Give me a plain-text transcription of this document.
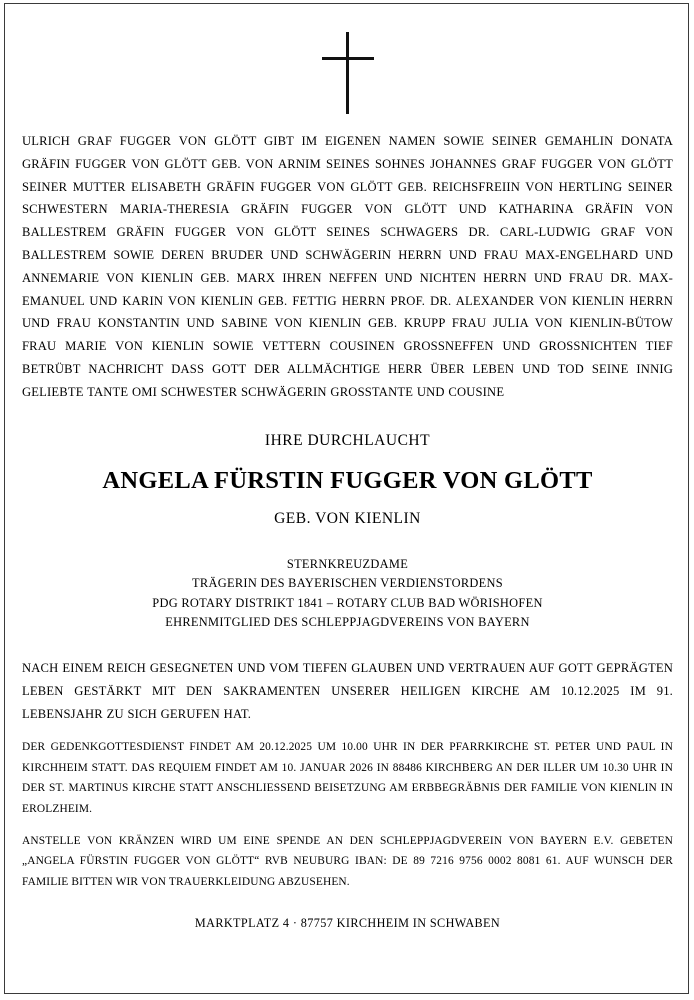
ULRICH GRAF FUGGER VON GLÖTT GIBT IM EIGENEN NAMEN SOWIE SEINER GEMAHLIN DONATA GRÄFIN FUGGER VON GLÖTT GEB. VON ARNIM SEINES SOHNES JOHANNES GRAF FUGGER VON GLÖTT SEINER MUTTER ELISABETH GRÄFIN FUGGER VON GLÖTT GEB. REICHSFREIIN VON HERTLING SEINER SCHWESTERN MARIA-THERESIA GRÄFIN FUGGER VON GLÖTT UND KATHARINA GRÄFIN VON BALLESTREM GRÄFIN FUGGER VON GLÖTT SEINES SCHWAGERS DR. CARL-LUDWIG GRAF VON BALLESTREM SOWIE DEREN BRUDER UND SCHWÄGERIN HERRN UND FRAU MAX-ENGELHARD UND ANNEMARIE VON KIENLIN GEB. MARX IHREN NEFFEN UND NICHTEN HERRN UND FRAU DR. MAX-EMANUEL UND KARIN VON KIENLIN GEB. FETTIG HERRN PROF. DR. ALEXANDER VON KIENLIN HERRN UND FRAU KONSTANTIN UND SABINE VON KIENLIN GEB. KRUPP FRAU JULIA VON KIENLIN-BÜTOW FRAU MARIE VON KIENLIN SOWIE VETTERN COUSINEN GROSSNEFFEN UND GROSSNICHTEN TIEF BETRÜBT NACHRICHT DASS GOTT DER ALLMÄCHTIGE HERR ÜBER LEBEN UND TOD SEINE INNIG GELIEBTE TANTE OMI SCHWESTER SCHWÄGERIN GROSSTANTE UND COUSINE

IHRE DURCHLAUCHT
ANGELA FÜRSTIN FUGGER VON GLÖTT
GEB. VON KIENLIN
STERNKREUZDAME
TRÄGERIN DES BAYERISCHEN VERDIENSTORDENS
PDG ROTARY DISTRIKT 1841 – ROTARY CLUB BAD WÖRISHOFEN
EHRENMITGLIED DES SCHLEPPJAGDVEREINS VON BAYERN

NACH EINEM REICH GESEGNETEN UND VOM TIEFEN GLAUBEN UND VERTRAUEN AUF GOTT GEPRÄGTEN LEBEN GESTÄRKT MIT DEN SAKRAMENTEN UNSERER HEILIGEN KIRCHE AM 10.12.2025 IM 91. LEBENSJAHR ZU SICH GERUFEN HAT.

DER GEDENKGOTTESDIENST FINDET AM 20.12.2025 UM 10.00 UHR IN DER PFARRKIRCHE ST. PETER UND PAUL IN KIRCHHEIM STATT. DAS REQUIEM FINDET AM 10. JANUAR 2026 IN 88486 KIRCHBERG AN DER ILLER UM 10.30 UHR IN DER ST. MARTINUS KIRCHE STATT ANSCHLIESSEND BEISETZUNG AM ERBBEGRÄBNIS DER FAMILIE VON KIENLIN IN EROLZHEIM.

ANSTELLE VON KRÄNZEN WIRD UM EINE SPENDE AN DEN SCHLEPPJAGDVEREIN VON BAYERN E.V. GEBETEN „ANGELA FÜRSTIN FUGGER VON GLÖTT“ RVB NEUBURG IBAN: DE 89 7216 9756 0002 8081 61. AUF WUNSCH DER FAMILIE BITTEN WIR VON TRAUERKLEIDUNG ABZUSEHEN.

MARKTPLATZ 4 · 87757 KIRCHHEIM IN SCHWABEN
